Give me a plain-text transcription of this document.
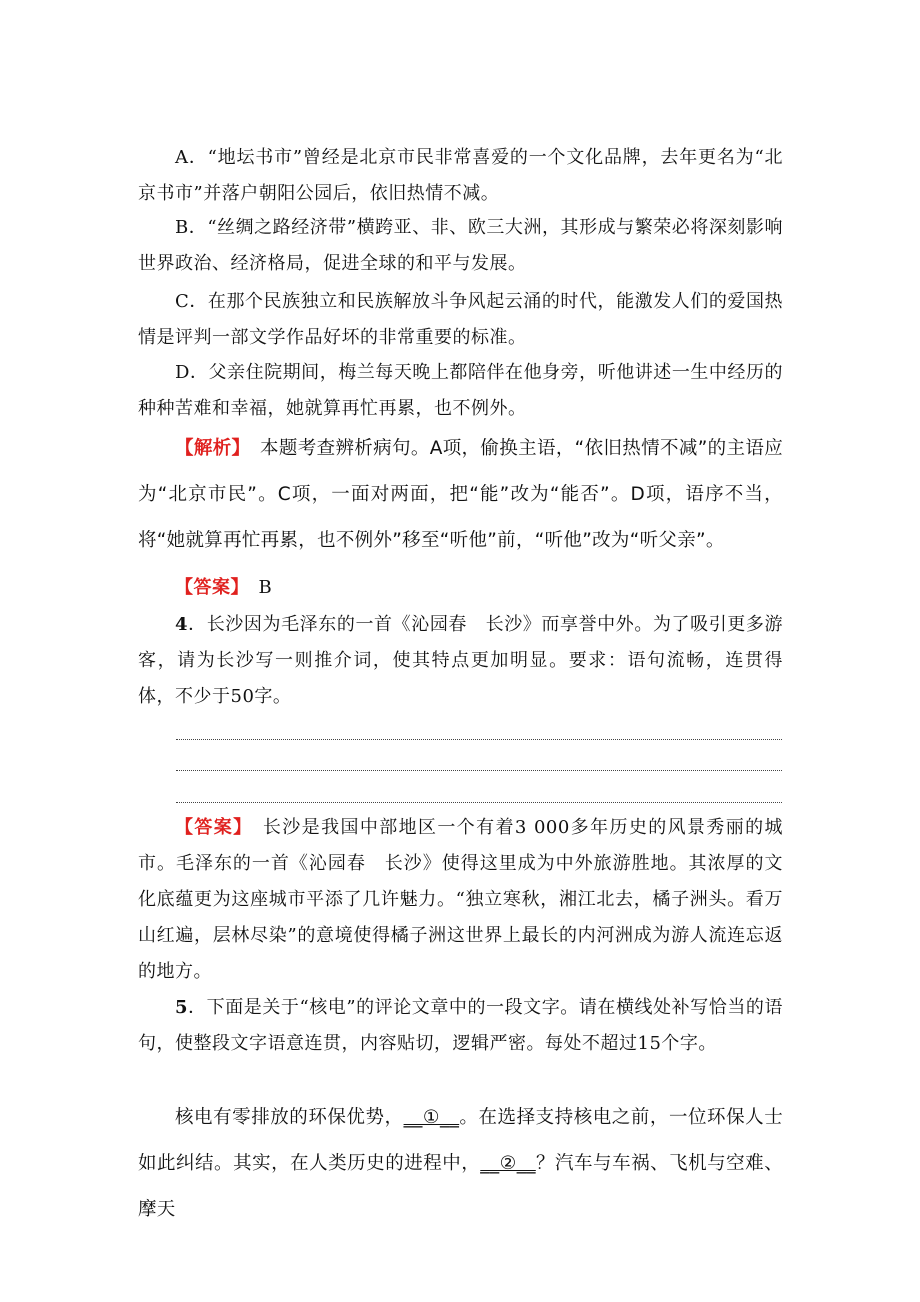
A．“地坛书市”曾经是北京市民非常喜爱的一个文化品牌，去年更名为“北京书市”并落户朝阳公园后，依旧热情不减。

B．“丝绸之路经济带”横跨亚、非、欧三大洲，其形成与繁荣必将深刻影响世界政治、经济格局，促进全球的和平与发展。

C．在那个民族独立和民族解放斗争风起云涌的时代，能激发人们的爱国热情是评判一部文学作品好坏的非常重要的标准。

D．父亲住院期间，梅兰每天晚上都陪伴在他身旁，听他讲述一生中经历的种种苦难和幸福，她就算再忙再累，也不例外。

【解析】　 本题考查辨析病句。A项，偷换主语，“依旧热情不减”的主语应为“北京市民”。C项，一面对两面，把“能”改为“能否”。D项，语序不当，将“她就算再忙再累，也不例外”移至“听他”前，“听他”改为“听父亲”。

【答案】　 B

4．长沙因为毛泽东的一首《沁园春　长沙》而享誉中外。为了吸引更多游客，请为长沙写一则推介词，使其特点更加明显。要求：语句流畅，连贯得体，不少于50字。

【答案】　 长沙是我国中部地区一个有着3 000多年历史的风景秀丽的城市。毛泽东的一首《沁园春　长沙》使得这里成为中外旅游胜地。其浓厚的文化底蕴更为这座城市平添了几许魅力。“独立寒秋，湘江北去，橘子洲头。看万山红遍，层林尽染”的意境使得橘子洲这世界上最长的内河洲成为游人流连忘返的地方。

5．下面是关于“核电”的评论文章中的一段文字。请在横线处补写恰当的语句，使整段文字语意连贯，内容贴切，逻辑严密。每处不超过15个字。

核电有零排放的环保优势，__①__。在选择支持核电之前，一位环保人士如此纠结。其实，在人类历史的进程中，__②__？汽车与车祸、飞机与空难、摩天
